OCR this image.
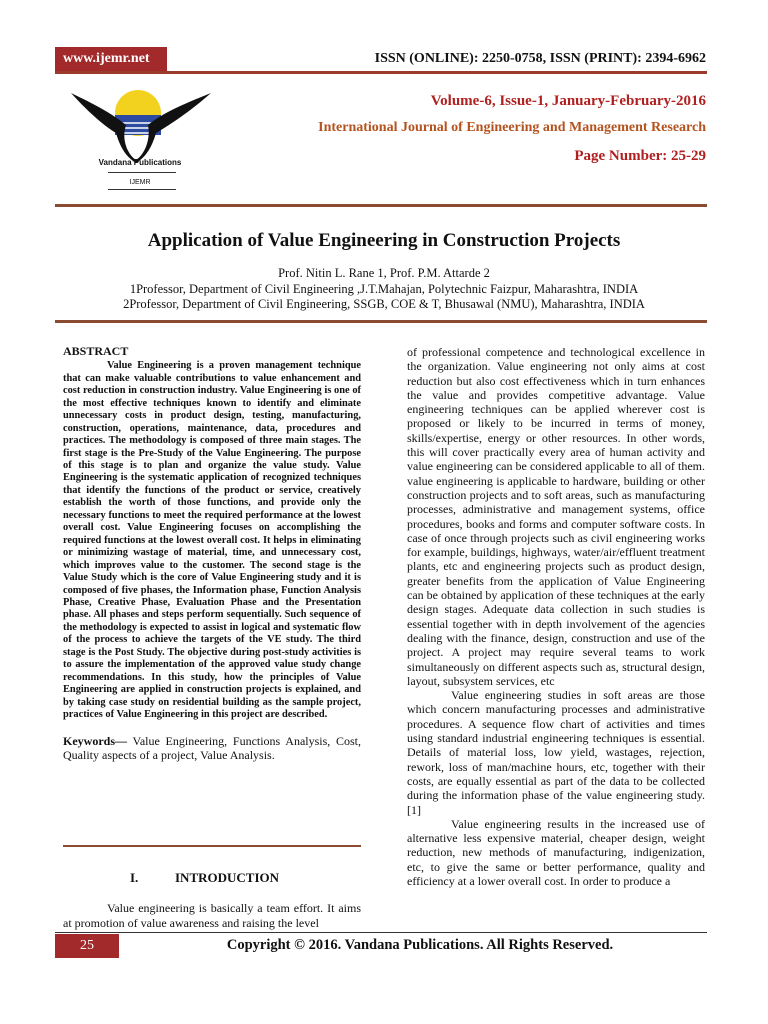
www.ijemr.net	ISSN (ONLINE): 2250-0758, ISSN (PRINT): 2394-6962
Vandana Publications
IJEMR
Volume-6, Issue-1, January-February-2016
International Journal of Engineering and Management Research
Page Number: 25-29
Application of Value Engineering in Construction Projects
Prof. Nitin L. Rane 1, Prof. P.M. Attarde 2
1Professor, Department of Civil Engineering ,J.T.Mahajan, Polytechnic Faizpur, Maharashtra, INDIA
2Professor, Department of Civil Engineering, SSGB, COE & T, Bhusawal (NMU), Maharashtra, INDIA
ABSTRACT
Value Engineering is a proven management technique that can make valuable contributions to value enhancement and cost reduction in construction industry. Value Engineering is one of the most effective techniques known to identify and eliminate unnecessary costs in product design, testing, manufacturing, construction, operations, maintenance, data, procedures and practices. The methodology is composed of three main stages. The first stage is the Pre-Study of the Value Engineering. The purpose of this stage is to plan and organize the value study. Value Engineering is the systematic application of recognized techniques that identify the functions of the product or service, creatively establish the worth of those functions, and provide only the necessary functions to meet the required performance at the lowest overall cost. Value Engineering focuses on accomplishing the required functions at the lowest overall cost. It helps in eliminating or minimizing wastage of material, time, and unnecessary cost, which improves value to the customer. The second stage is the Value Study which is the core of Value Engineering study and it is composed of five phases, the Information phase, Function Analysis Phase, Creative Phase, Evaluation Phase and the Presentation phase. All phases and steps perform sequentially. Such sequence of the methodology is expected to assist in logical and systematic flow of the process to achieve the targets of the VE study. The third stage is the Post Study. The objective during post-study activities is to assure the implementation of the approved value study change recommendations. In this study, how the principles of Value Engineering are applied in construction projects is explained, and by taking case study on residential building as the sample project, practices of Value Engineering in this project are described.
Keywords— Value Engineering, Functions Analysis, Cost, Quality aspects of a project, Value Analysis.
I.	INTRODUCTION
Value engineering is basically a team effort. It aims at promotion of value awareness and raising the level

of professional competence and technological excellence in the organization. Value engineering not only aims at cost reduction but also cost effectiveness which in turn enhances the value and provides competitive advantage. Value engineering techniques can be applied wherever cost is proposed or likely to be incurred in terms of money, skills/expertise, energy or other resources. In other words, this will cover practically every area of human activity and value engineering can be considered applicable to all of them. value engineering is applicable to hardware, building or other construction projects and to soft areas, such as manufacturing processes, administrative and management systems, office procedures, books and forms and computer software costs. In case of once through projects such as civil engineering works for example, buildings, highways, water/air/effluent treatment plants, etc and engineering projects such as product design, greater benefits from the application of Value Engineering can be obtained by application of these techniques at the early design stages. Adequate data collection in such studies is essential together with in depth involvement of the agencies dealing with the finance, design, construction and use of the project. A project may require several teams to work simultaneously on different aspects such as, structural design, layout, subsystem services, etc

Value engineering studies in soft areas are those which concern manufacturing processes and administrative procedures. A sequence flow chart of activities and times using standard industrial engineering techniques is essential. Details of material loss, low yield, wastages, rejection, rework, loss of man/machine hours, etc, together with their costs, are equally essential as part of the data to be collected during the information phase of the value engineering study. [1]

Value engineering results in the increased use of alternative less expensive material, cheaper design, weight reduction, new methods of manufacturing, indigenization, etc, to give the same or better performance, quality and efficiency at a lower overall cost. In order to produce a

25	Copyright © 2016. Vandana Publications. All Rights Reserved.
